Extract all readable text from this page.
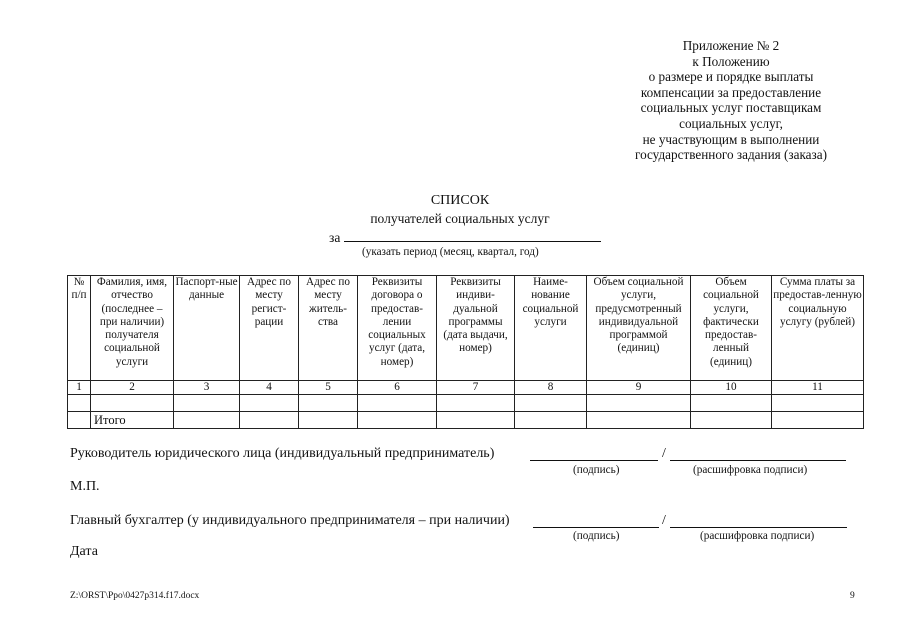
Приложение № 2
к Положению
о размере и порядке выплаты
компенсации за предоставление
социальных услуг поставщикам
социальных услуг,
не участвующим в выполнении
государственного задания (заказа)
СПИСОК
получателей социальных услуг
за
(указать период (месяц, квартал, год)
№ п/п	Фамилия, имя, отчество (последнее – при наличии) получателя социальной услуги	Паспорт-ные данные	Адрес по месту регист-рации	Адрес по месту житель-ства	Реквизиты договора о предостав-лении социальных услуг (дата, номер)	Реквизиты индиви-дуальной программы (дата выдачи, номер)	Наиме-нование социальной услуги	Объем социальной услуги, предусмотренный индивидуальной программой (единиц)	Объем социальной услуги, фактически предостав-ленный (единиц)	Сумма платы за предостав-ленную социальную услугу (рублей)
1	2	3	4	5	6	7	8	9	10	11

	Итого									
Руководитель юридического лица (индивидуальный предприниматель)	/
(подпись)	(расшифровка подписи)
М.П.
Главный бухгалтер (у индивидуального предпринимателя – при наличии)	/
(подпись)	(расшифровка подписи)
Дата
Z:\ORST\Ppo\0427p314.f17.docx	9
